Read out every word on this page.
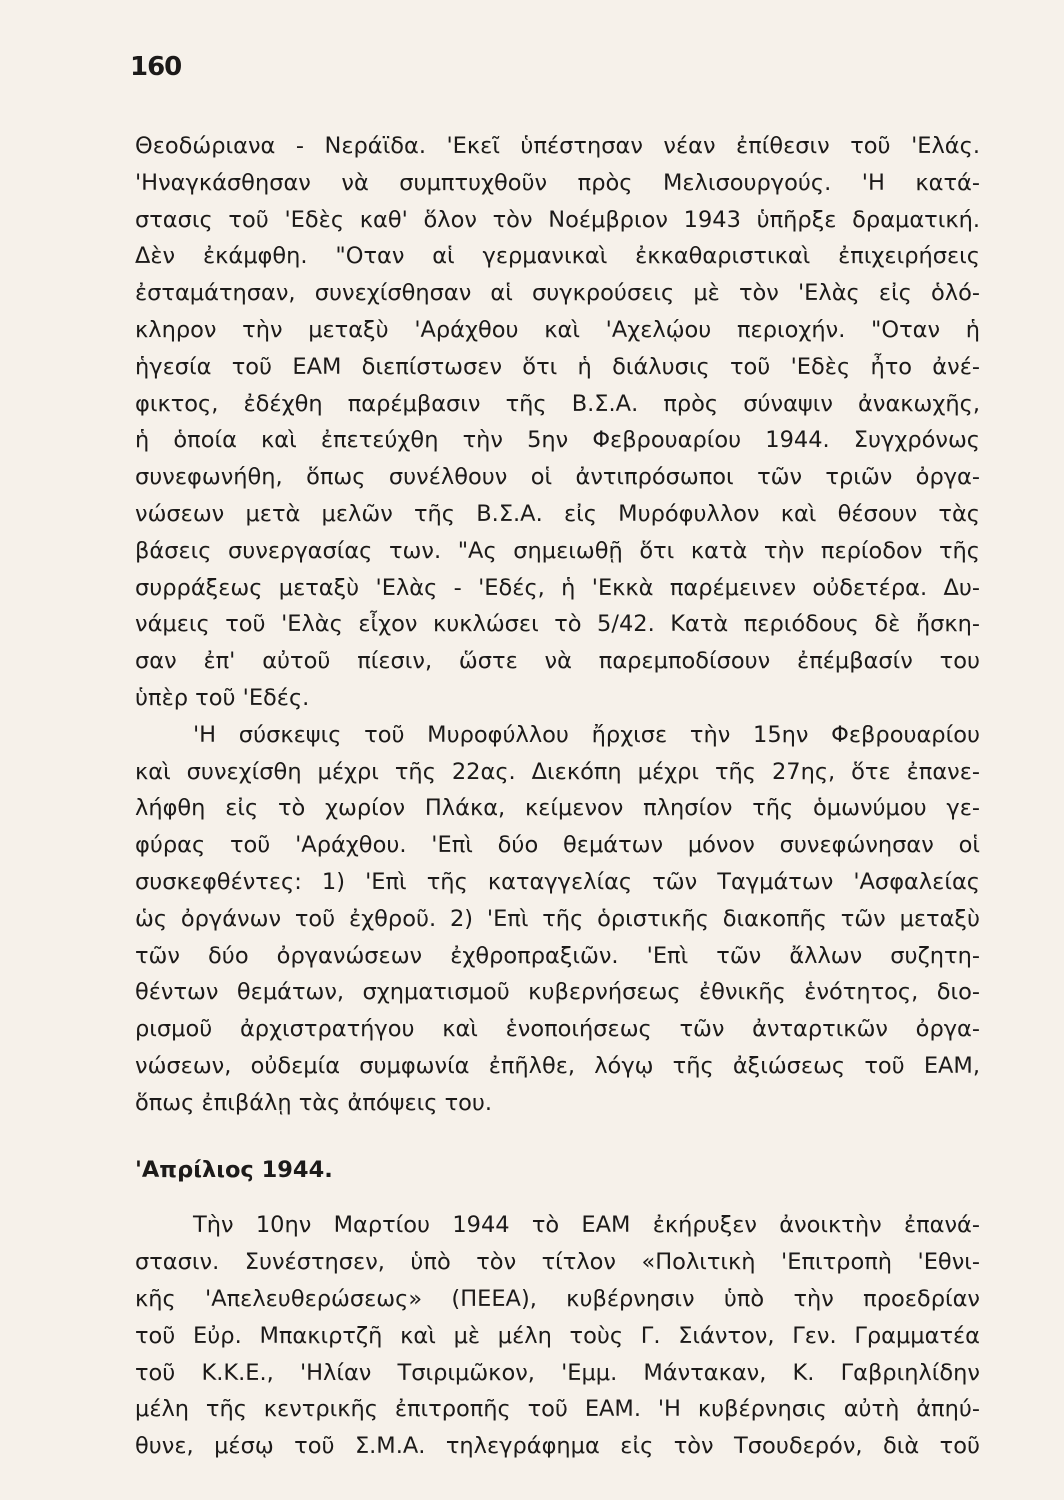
160
Θεοδώριανα - Νεράϊδα. 'Εκεῖ ὑπέστησαν νέαν ἐπίθεσιν τοῦ 'Ελάς.
'Ηναγκάσθησαν νὰ συμπτυχθοῦν πρὸς Μελισουργούς. 'Η κατά-
στασις τοῦ 'Εδὲς καθ' ὅλον τὸν Νοέμβριον 1943 ὑπῆρξε δραματική.
Δὲν ἐκάμφθη. "Οταν αἱ γερμανικαὶ ἐκκαθαριστικαὶ ἐπιχειρήσεις
ἐσταμάτησαν, συνεχίσθησαν αἱ συγκρούσεις μὲ τὸν 'Ελὰς εἰς ὁλό-
κληρον τὴν μεταξὺ 'Αράχθου καὶ 'Αχελῴου περιοχήν. "Οταν ἡ
ἡγεσία τοῦ ΕΑΜ διεπίστωσεν ὅτι ἡ διάλυσις τοῦ 'Εδὲς ἦτο ἀνέ-
φικτος, ἐδέχθη παρέμβασιν τῆς Β.Σ.Α. πρὸς σύναψιν ἀνακωχῆς,
ἡ ὁποία καὶ ἐπετεύχθη τὴν 5ην Φεβρουαρίου 1944. Συγχρόνως
συνεφωνήθη, ὅπως συνέλθουν οἱ ἀντιπρόσωποι τῶν τριῶν ὀργα-
νώσεων μετὰ μελῶν τῆς Β.Σ.Α. εἰς Μυρόφυλλον καὶ θέσουν τὰς
βάσεις συνεργασίας των. "Ας σημειωθῇ ὅτι κατὰ τὴν περίοδον τῆς
συρράξεως μεταξὺ 'Ελὰς - 'Εδές, ἡ 'Εκκὰ παρέμεινεν οὐδετέρα. Δυ-
νάμεις τοῦ 'Ελὰς εἶχον κυκλώσει τὸ 5/42. Κατὰ περιόδους δὲ ἤσκη-
σαν ἐπ' αὐτοῦ πίεσιν, ὥστε νὰ παρεμποδίσουν ἐπέμβασίν του
ὑπὲρ τοῦ 'Εδές.
'Η σύσκεψις τοῦ Μυροφύλλου ἤρχισε τὴν 15ην Φεβρουαρίου
καὶ συνεχίσθη μέχρι τῆς 22ας. Διεκόπη μέχρι τῆς 27ης, ὅτε ἐπανε-
λήφθη εἰς τὸ χωρίον Πλάκα, κείμενον πλησίον τῆς ὁμωνύμου γε-
φύρας τοῦ 'Αράχθου. 'Επὶ δύο θεμάτων μόνον συνεφώνησαν οἱ
συσκεφθέντες: 1) 'Επὶ τῆς καταγγελίας τῶν Ταγμάτων 'Ασφαλείας
ὡς ὀργάνων τοῦ ἐχθροῦ. 2) 'Επὶ τῆς ὁριστικῆς διακοπῆς τῶν μεταξὺ
τῶν δύο ὀργανώσεων ἐχθροπραξιῶν. 'Επὶ τῶν ἄλλων συζητη-
θέντων θεμάτων, σχηματισμοῦ κυβερνήσεως ἐθνικῆς ἑνότητος, διο-
ρισμοῦ ἀρχιστρατήγου καὶ ἑνοποιήσεως τῶν ἀνταρτικῶν ὀργα-
νώσεων, οὐδεμία συμφωνία ἐπῆλθε, λόγῳ τῆς ἀξιώσεως τοῦ ΕΑΜ,
ὅπως ἐπιβάλῃ τὰς ἀπόψεις του.
'Απρίλιος 1944.
Τὴν 10ην Μαρτίου 1944 τὸ ΕΑΜ ἐκήρυξεν ἀνοικτὴν ἐπανά-
στασιν. Συνέστησεν, ὑπὸ τὸν τίτλον «Πολιτικὴ 'Επιτροπὴ 'Εθνι-
κῆς 'Απελευθερώσεως» (ΠΕΕΑ), κυβέρνησιν ὑπὸ τὴν προεδρίαν
τοῦ Εὐρ. Μπακιρτζῆ καὶ μὲ μέλη τοὺς Γ. Σιάντον, Γεν. Γραμματέα
τοῦ Κ.Κ.Ε., 'Ηλίαν Τσιριμῶκον, 'Εμμ. Μάντακαν, Κ. Γαβριηλίδην
μέλη τῆς κεντρικῆς ἐπιτροπῆς τοῦ ΕΑΜ. 'Η κυβέρνησις αὐτὴ ἀπηύ-
θυνε, μέσῳ τοῦ Σ.Μ.Α. τηλεγράφημα εἰς τὸν Τσουδερόν, διὰ τοῦ
